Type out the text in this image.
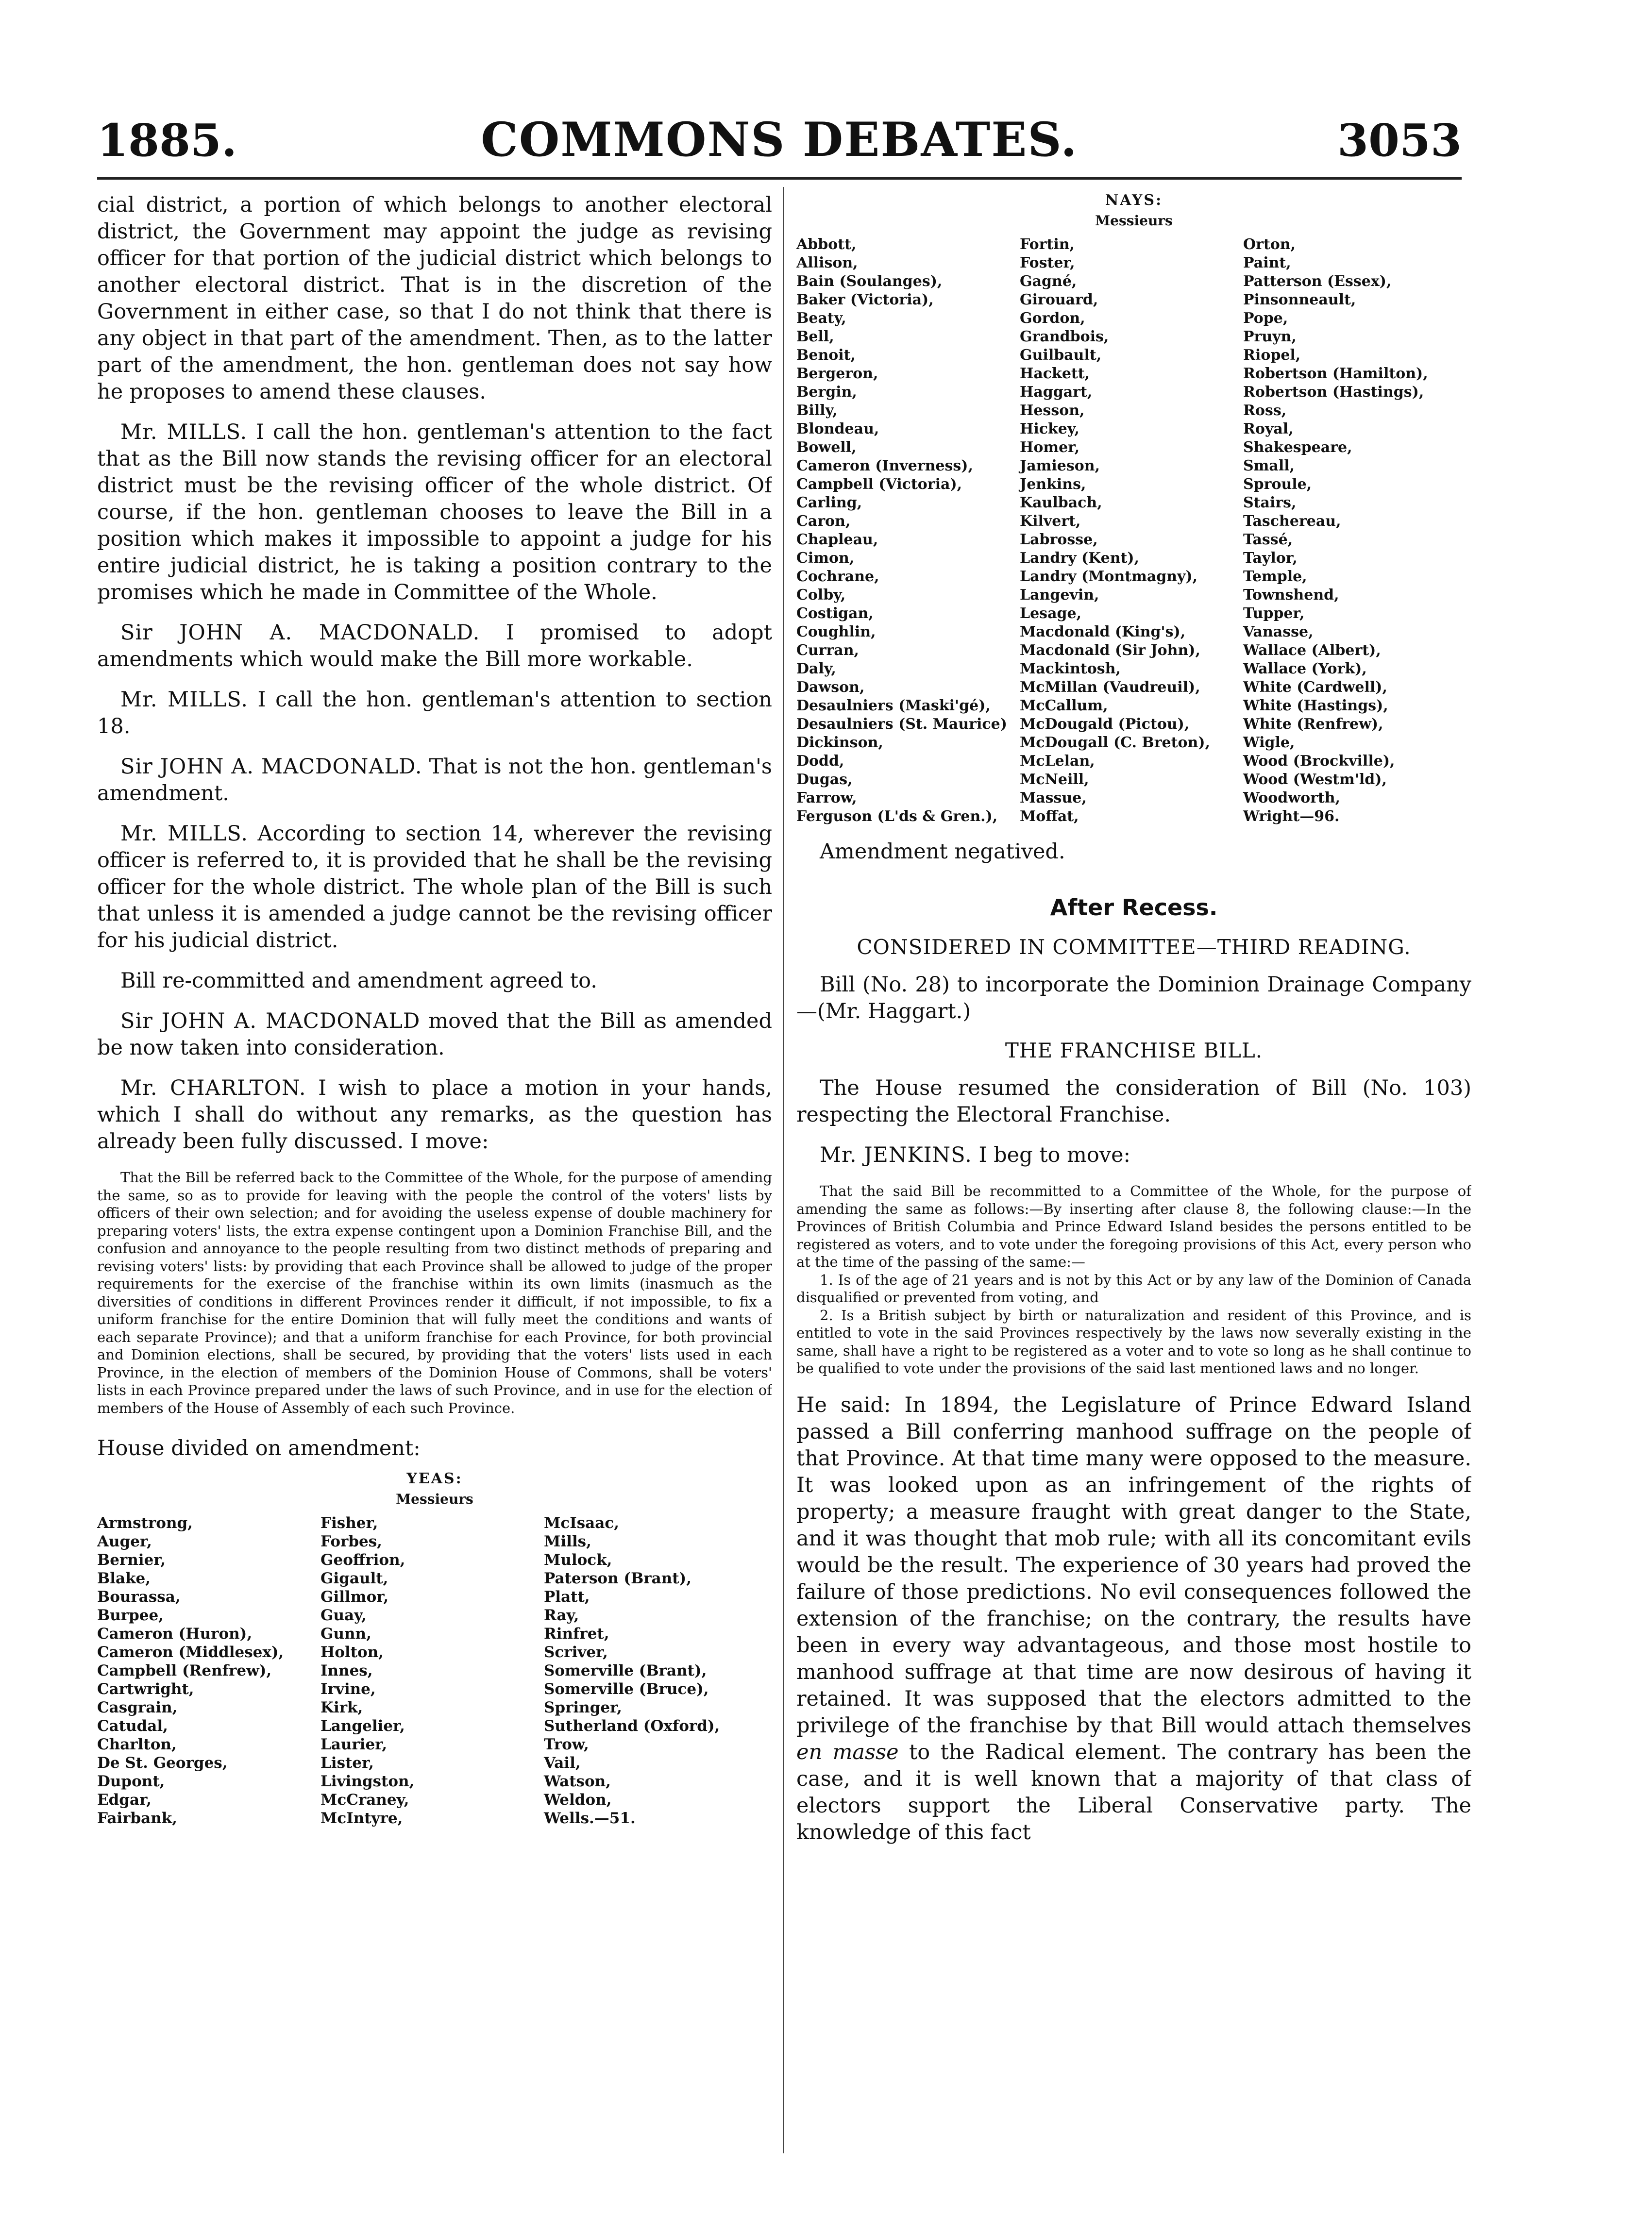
1885.	COMMONS DEBATES.	3053

cial district, a portion of which belongs to another electoral district, the Government may appoint the judge as revising officer for that portion of the judicial district which belongs to another electoral district. That is in the discretion of the Government in either case, so that I do not think that there is any object in that part of the amendment. Then, as to the latter part of the amendment, the hon. gentleman does not say how he proposes to amend these clauses.

Mr. MILLS. I call the hon. gentleman's attention to the fact that as the Bill now stands the revising officer for an electoral district must be the revising officer of the whole district. Of course, if the hon. gentleman chooses to leave the Bill in a position which makes it impossible to appoint a judge for his entire judicial district, he is taking a position contrary to the promises which he made in Committee of the Whole.

Sir JOHN A. MACDONALD. I promised to adopt amendments which would make the Bill more workable.

Mr. MILLS. I call the hon. gentleman's attention to section 18.

Sir JOHN A. MACDONALD. That is not the hon. gentleman's amendment.

Mr. MILLS. According to section 14, wherever the revising officer is referred to, it is provided that he shall be the revising officer for the whole district. The whole plan of the Bill is such that unless it is amended a judge cannot be the revising officer for his judicial district.

Bill re-committed and amendment agreed to.

Sir JOHN A. MACDONALD moved that the Bill as amended be now taken into consideration.

Mr. CHARLTON. I wish to place a motion in your hands, which I shall do without any remarks, as the question has already been fully discussed. I move:

That the Bill be referred back to the Committee of the Whole, for the purpose of amending the same, so as to provide for leaving with the people the control of the voters' lists by officers of their own selection; and for avoiding the useless expense of double machinery for preparing voters' lists, the extra expense contingent upon a Dominion Franchise Bill, and the confusion and annoyance to the people resulting from two distinct methods of preparing and revising voters' lists: by providing that each Province shall be allowed to judge of the proper requirements for the exercise of the franchise within its own limits (inasmuch as the diversities of conditions in different Provinces render it difficult, if not impossible, to fix a uniform franchise for the entire Dominion that will fully meet the conditions and wants of each separate Province); and that a uniform franchise for each Province, for both provincial and Dominion elections, shall be secured, by providing that the voters' lists used in each Province, in the election of members of the Dominion House of Commons, shall be voters' lists in each Province prepared under the laws of such Province, and in use for the election of members of the House of Assembly of each such Province.

House divided on amendment:

YEAS:
Messieurs
Armstrong,
Auger,
Bernier,
Blake,
Bourassa,
Burpee,
Cameron (Huron),
Cameron (Middlesex),
Campbell (Renfrew),
Cartwright,
Casgrain,
Catudal,
Charlton,
De St. Georges,
Dupont,
Edgar,
Fairbank,
Fisher,
Forbes,
Geoffrion,
Gigault,
Gillmor,
Guay,
Gunn,
Holton,
Innes,
Irvine,
Kirk,
Langelier,
Laurier,
Lister,
Livingston,
McCraney,
McIntyre,
McIsaac,
Mills,
Mulock,
Paterson (Brant),
Platt,
Ray,
Rinfret,
Scriver,
Somerville (Brant),
Somerville (Bruce),
Springer,
Sutherland (Oxford),
Trow,
Vail,
Watson,
Weldon,
Wells.—51.
NAYS:
Messieurs
Abbott,
Allison,
Bain (Soulanges),
Baker (Victoria),
Beaty,
Bell,
Benoit,
Bergeron,
Bergin,
Billy,
Blondeau,
Bowell,
Cameron (Inverness),
Campbell (Victoria),
Carling,
Caron,
Chapleau,
Cimon,
Cochrane,
Colby,
Costigan,
Coughlin,
Curran,
Daly,
Dawson,
Desaulniers (Maski'gé),
Desaulniers (St. Maurice)
Dickinson,
Dodd,
Dugas,
Farrow,
Ferguson (L'ds & Gren.),
Fortin,
Foster,
Gagné,
Girouard,
Gordon,
Grandbois,
Guilbault,
Hackett,
Haggart,
Hesson,
Hickey,
Homer,
Jamieson,
Jenkins,
Kaulbach,
Kilvert,
Labrosse,
Landry (Kent),
Landry (Montmagny),
Langevin,
Lesage,
Macdonald (King's),
Macdonald (Sir John),
Mackintosh,
McMillan (Vaudreuil),
McCallum,
McDougald (Pictou),
McDougall (C. Breton),
McLelan,
McNeill,
Massue,
Moffat,
Orton,
Paint,
Patterson (Essex),
Pinsonneault,
Pope,
Pruyn,
Riopel,
Robertson (Hamilton),
Robertson (Hastings),
Ross,
Royal,
Shakespeare,
Small,
Sproule,
Stairs,
Taschereau,
Tassé,
Taylor,
Temple,
Townshend,
Tupper,
Vanasse,
Wallace (Albert),
Wallace (York),
White (Cardwell),
White (Hastings),
White (Renfrew),
Wigle,
Wood (Brockville),
Wood (Westm'ld),
Woodworth,
Wright—96.

Amendment negatived.

After Recess.
CONSIDERED IN COMMITTEE—THIRD READING.

Bill (No. 28) to incorporate the Dominion Drainage Company—(Mr. Haggart.)

THE FRANCHISE BILL.

The House resumed the consideration of Bill (No. 103) respecting the Electoral Franchise.

Mr. JENKINS. I beg to move:

That the said Bill be recommitted to a Committee of the Whole, for the purpose of amending the same as follows:—By inserting after clause 8, the following clause:—In the Provinces of British Columbia and Prince Edward Island besides the persons entitled to be registered as voters, and to vote under the foregoing provisions of this Act, every person who at the time of the passing of the same:—

1. Is of the age of 21 years and is not by this Act or by any law of the Dominion of Canada disqualified or prevented from voting, and

2. Is a British subject by birth or naturalization and resident of this Province, and is entitled to vote in the said Provinces respectively by the laws now severally existing in the same, shall have a right to be registered as a voter and to vote so long as he shall continue to be qualified to vote under the provisions of the said last mentioned laws and no longer.

He said: In 1894, the Legislature of Prince Edward Island passed a Bill conferring manhood suffrage on the people of that Province. At that time many were opposed to the measure. It was looked upon as an infringement of the rights of property; a measure fraught with great danger to the State, and it was thought that mob rule; with all its concomitant evils would be the result. The experience of 30 years had proved the failure of those predictions. No evil consequences followed the extension of the franchise; on the contrary, the results have been in every way advantageous, and those most hostile to manhood suffrage at that time are now desirous of having it retained. It was supposed that the electors admitted to the privilege of the franchise by that Bill would attach themselves en masse to the Radical element. The contrary has been the case, and it is well known that a majority of that class of electors support the Liberal Conservative party. The knowledge of this fact
